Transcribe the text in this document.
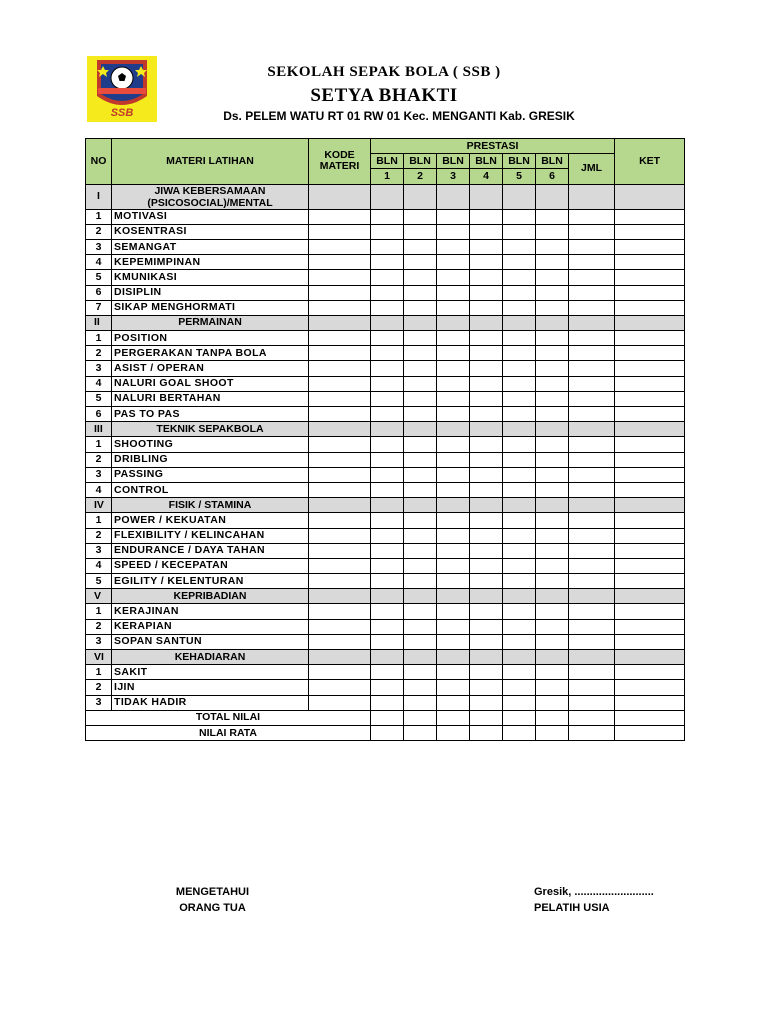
SSB
SEKOLAH SEPAK BOLA ( SSB )
SETYA BHAKTI
Ds. PELEM WATU RT 01 RW 01 Kec. MENGANTI Kab. GRESIK
NO	MATERI LATIHAN	KODE MATERI	PRESTASI							KET
			BLN	BLN	BLN	BLN	BLN	BLN	JML	
			1	2	3	4	5	6		
I	JIWA KEBERSAMAAN (PSICOSOCIAL)/MENTAL									
1	MOTIVASI									
2	KOSENTRASI									
3	SEMANGAT									
4	KEPEMIMPINAN									
5	KMUNIKASI									
6	DISIPLIN									
7	SIKAP MENGHORMATI									
II	PERMAINAN									
1	POSITION									
2	PERGERAKAN TANPA BOLA									
3	ASIST / OPERAN									
4	NALURI GOAL SHOOT									
5	NALURI BERTAHAN									
6	PAS TO PAS									
III	TEKNIK SEPAKBOLA									
1	SHOOTING									
2	DRIBLING									
3	PASSING									
4	CONTROL									
IV	FISIK / STAMINA									
1	POWER / KEKUATAN									
2	FLEXIBILITY / KELINCAHAN									
3	ENDURANCE / DAYA TAHAN									
4	SPEED / KECEPATAN									
5	EGILITY / KELENTURAN									
V	KEPRIBADIAN									
1	KERAJINAN									
2	KERAPIAN									
3	SOPAN SANTUN									
VI	KEHADIARAN									
1	SAKIT									
2	IJIN									
3	TIDAK HADIR									
TOTAL NILAI										
NILAI RATA										
MENGETAHUI
ORANG TUA
Gresik, ..........................
PELATIH USIA
